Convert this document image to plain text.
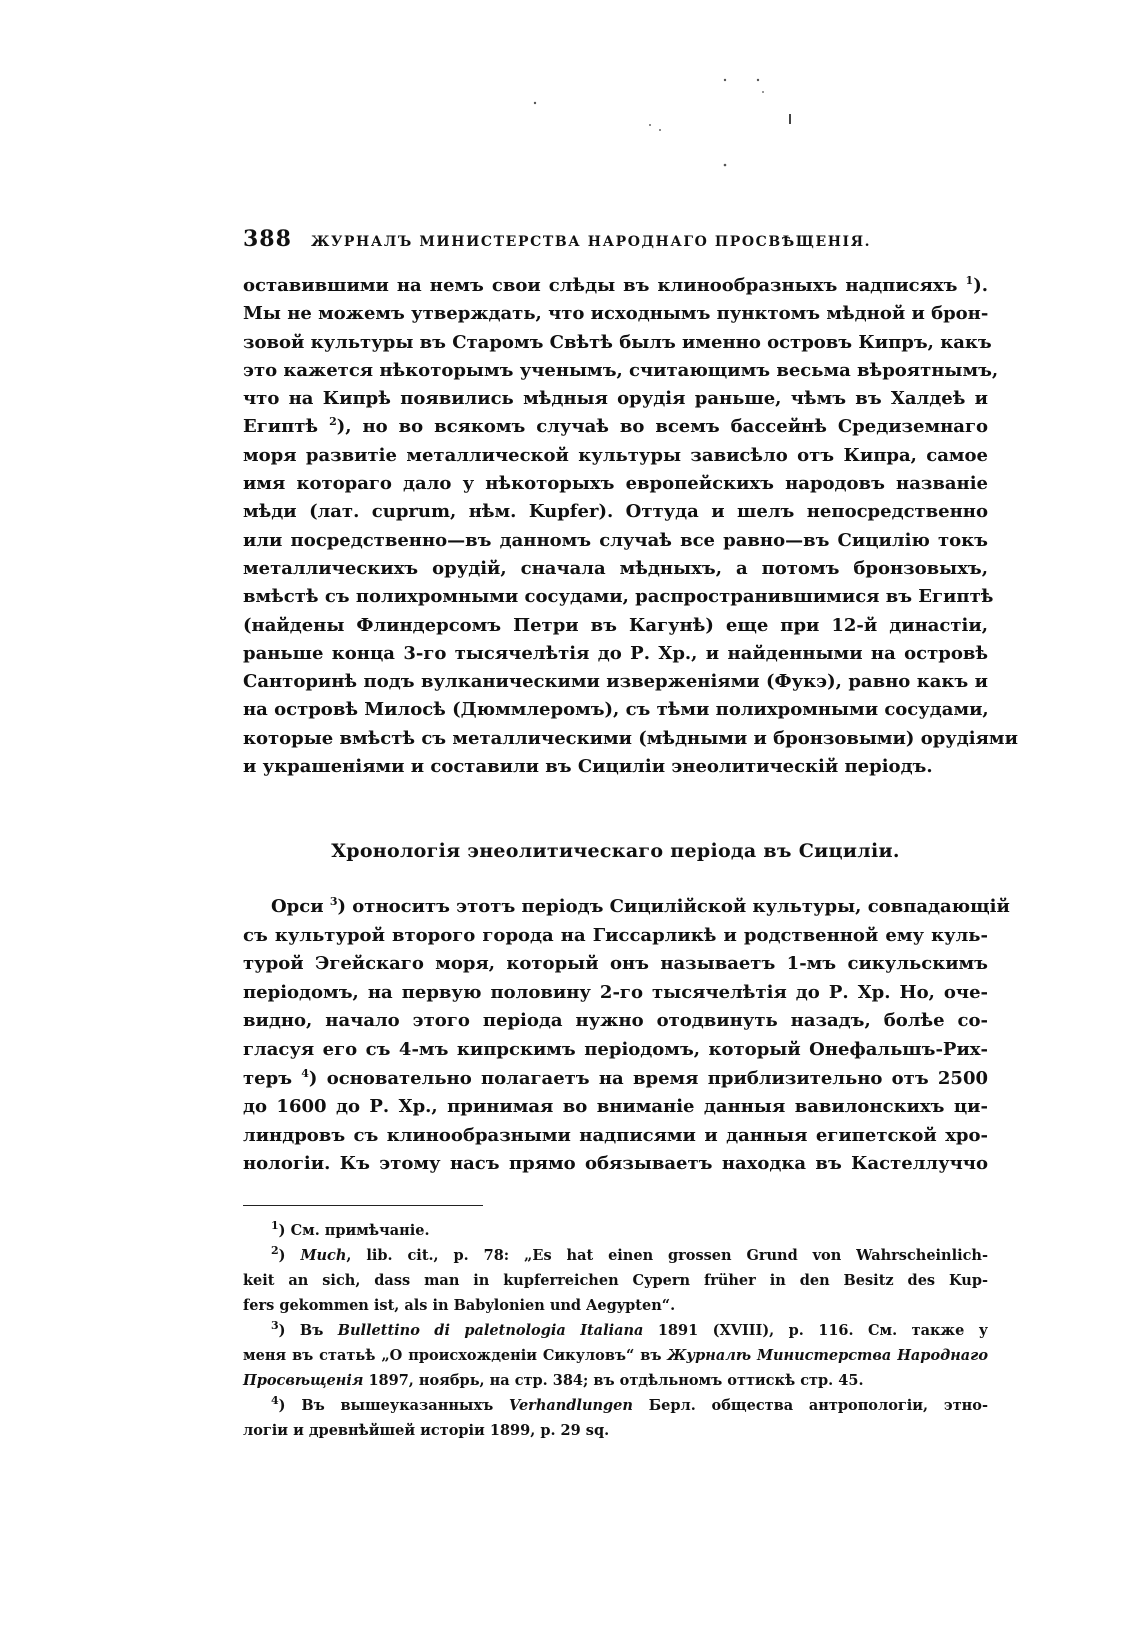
388	ЖУРНАЛЪ МИНИСТЕРСТВА НАРОДНАГО ПРОСВѢЩЕНІЯ.
оставившими на немъ свои слѣды въ клинообразныхъ надписяхъ $^1$).
Мы не можемъ утверждать, что исходнымъ пунктомъ мѣдной и брон-
зовой культуры въ Старомъ Свѣтѣ былъ именно островъ Кипръ, какъ
это кажется нѣкоторымъ ученымъ, считающимъ весьма вѣроятнымъ,
что на Кипрѣ появились мѣдныя орудія раньше, чѣмъ въ Халдеѣ и
Египтѣ $^2$), но во всякомъ случаѣ во всемъ бассейнѣ Средиземнаго
моря развитіе металлической культуры зависѣло отъ Кипра, самое
имя котораго дало у нѣкоторыхъ европейскихъ народовъ названіе
мѣди (лат. cuprum, нѣм. Kupfer). Оттуда и шелъ непосредственно
или посредственно—въ данномъ случаѣ все равно—въ Сицилію токъ
металлическихъ орудій, сначала мѣдныхъ, а потомъ бронзовыхъ,
вмѣстѣ съ полихромными сосудами, распространившимися въ Египтѣ
(найдены Флиндерсомъ Петри въ Кагунѣ) еще при 12-й династіи,
раньше конца 3-го тысячелѣтія до Р. Хр., и найденными на островѣ
Санторинѣ подъ вулканическими изверженіями (Фукэ), равно какъ и
на островѣ Милосѣ (Дюммлеромъ), съ тѣми полихромными сосудами,
которые вмѣстѣ съ металлическими (мѣдными и бронзовыми) орудіями
и украшеніями и составили въ Сициліи энеолитическій періодъ.
Хронологія энеолитическаго періода въ Сициліи.
Орси $^3$) относитъ этотъ періодъ Сицилійской культуры, совпадающій
съ культурой второго города на Гиссарликѣ и родственной ему куль-
турой Эгейскаго моря, который онъ называетъ 1-мъ сикульскимъ
періодомъ, на первую половину 2-го тысячелѣтія до Р. Хр. Но, оче-
видно, начало этого періода нужно отодвинуть назадъ, болѣе со-
гласуя его съ 4-мъ кипрскимъ періодомъ, который Онефальшъ-Рих-
теръ $^4$) основательно полагаетъ на время приблизительно отъ 2500
до 1600 до Р. Хр., принимая во вниманіе данныя вавилонскихъ ци-
линдровъ съ клинообразными надписями и данныя египетской хро-
нологіи. Къ этому насъ прямо обязываетъ находка въ Кастеллуччо
$^1$) См. примѣчаніе.
$^2$) Much, lib. cit., p. 78: „Es hat einen grossen Grund von Wahrscheinlich-
keit an sich, dass man in kupferreichen Cypern früher in den Besitz des Kup-
fers gekommen ist, als in Babylonien und Aegypten“.
$^3$) Въ Bullettino di paletnologia Italiana 1891 (XVIII), p. 116. См. также у
меня въ статьѣ „О происхожденіи Сикуловъ“ въ Журналѣ Министерства Народнаго
Просвѣщенія 1897, ноябрь, на стр. 384; въ отдѣльномъ оттискѣ стр. 45.
$^4$) Въ вышеуказанныхъ Verhandlungen Берл. общества антропологіи, этно-
логіи и древнѣйшей исторіи 1899, p. 29 sq.
